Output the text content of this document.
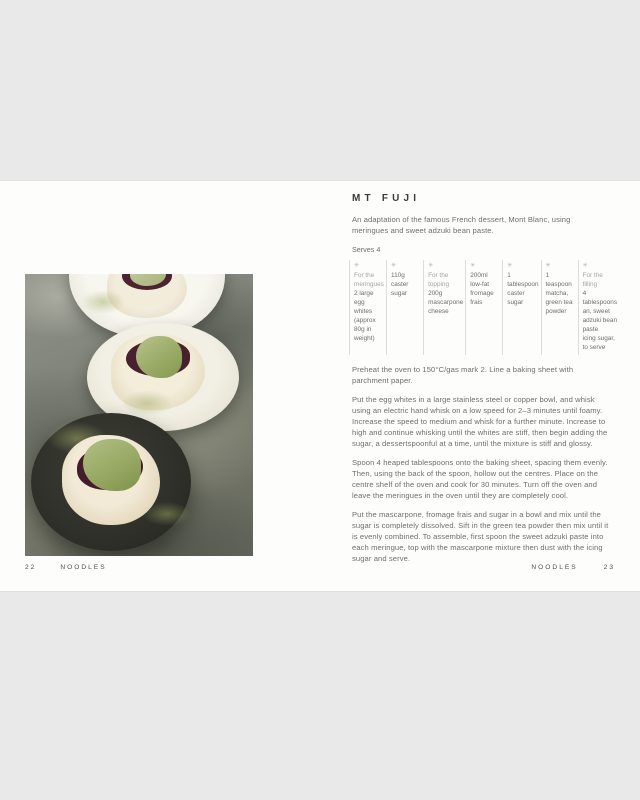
22	NOODLES
MT FUJI

An adaptation of the famous French dessert, Mont Blanc, using meringues and sweet adzuki bean paste.

Serves 4

✳
For the meringues
2 large egg whites (approx 80g in weight)
✳
110g caster sugar
✳
For the topping
200g mascarpone cheese
✳
200ml low-fat fromage frais
✳
1 tablespoon caster sugar
✳
1 teaspoon matcha, green tea powder
✳
For the filling
4 tablespoons an, sweet adzuki bean paste
icing sugar, to serve

Preheat the oven to 150°C/gas mark 2. Line a baking sheet with parchment paper.

Put the egg whites in a large stainless steel or copper bowl, and whisk using an electric hand whisk on a low speed for 2–3 minutes until foamy. Increase the speed to medium and whisk for a further minute. Increase to high and continue whisking until the whites are stiff, then begin adding the sugar, a dessertspoonful at a time, until the mixture is stiff and glossy.

Spoon 4 heaped tablespoons onto the baking sheet, spacing them evenly. Then, using the back of the spoon, hollow out the centres. Place on the centre shelf of the oven and cook for 30 minutes. Turn off the oven and leave the meringues in the oven until they are completely cool.

Put the mascarpone, fromage frais and sugar in a bowl and mix until the sugar is completely dissolved. Sift in the green tea powder then mix until it is evenly combined. To assemble, first spoon the sweet adzuki paste into each meringue, top with the mascarpone mixture then dust with the icing sugar and serve.

NOODLES	23
